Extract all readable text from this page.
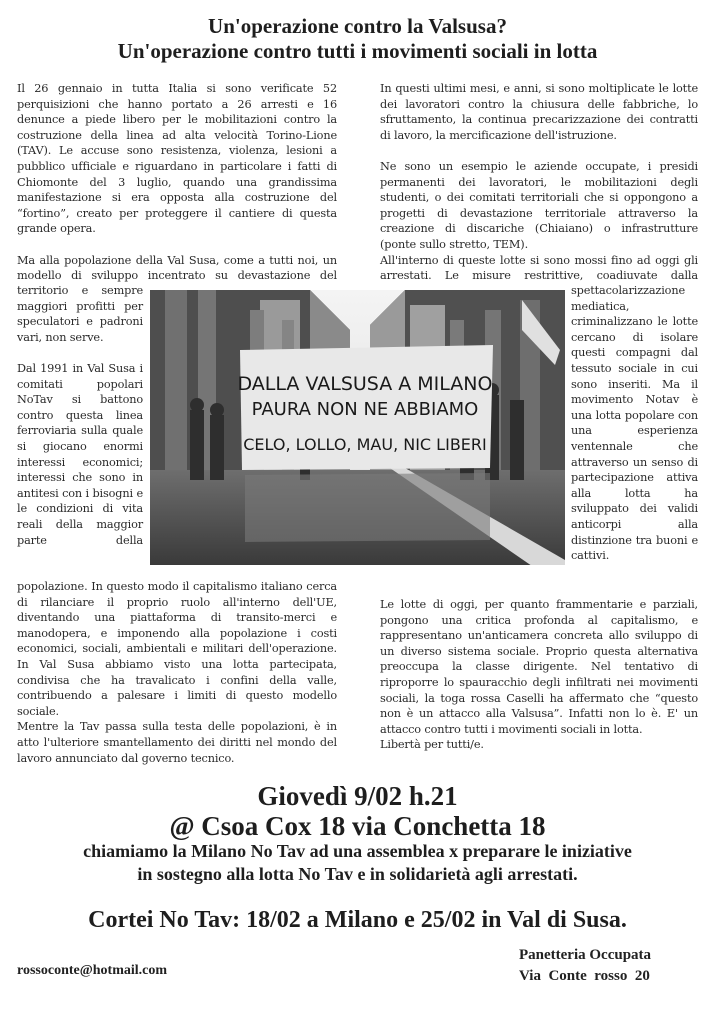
Un'operazione contro la Valsusa?
Un'operazione contro tutti i movimenti sociali in lotta

Il 26 gennaio in tutta Italia si sono verificate 52 perquisizioni che hanno portato a 26 arresti e 16 denunce a piede libero per le mobilitazioni contro la costruzione della linea ad alta velocità Torino-Lione (TAV). Le accuse sono resistenza, violenza, lesioni a pubblico ufficiale e riguardano in particolare i fatti di Chiomonte del 3 luglio, quando una grandissima manifestazione si era opposta alla costruzione del “fortino”, creato per proteggere il cantiere di questa grande opera.

Ma alla popolazione della Val Susa, come a tutti noi, un modello di sviluppo incentrato su devastazione del

territorio e sempre maggiori profitti per speculatori e padroni vari, non serve.

Dal 1991 in Val Susa i comitati popolari NoTav si battono contro questa linea ferroviaria sulla quale si giocano enormi interessi economici; interessi che sono in antitesi con i bisogni e le condizioni di vita reali della maggior parte della

popolazione. In questo modo il capitalismo italiano cerca di rilanciare il proprio ruolo all'interno dell'UE, diventando una piattaforma di transito-merci e manodopera, e imponendo alla popolazione i costi economici, sociali, ambientali e militari dell'operazione. In Val Susa abbiamo visto una lotta partecipata, condivisa che ha travalicato i confini della valle, contribuendo a palesare i limiti di questo modello sociale.

Mentre la Tav passa sulla testa delle popolazioni, è in atto l'ulteriore smantellamento dei diritti nel mondo del lavoro annunciato dal governo tecnico.

In questi ultimi mesi, e anni, si sono moltiplicate le lotte dei lavoratori contro la chiusura delle fabbriche, lo sfruttamento, la continua precarizzazione dei contratti di lavoro, la mercificazione dell'istruzione.

Ne sono un esempio le aziende occupate, i presidi permanenti dei lavoratori, le mobilitazioni degli studenti, o dei comitati territoriali che si oppongono a progetti di devastazione territoriale attraverso la creazione di discariche (Chiaiano) o infrastrutture (ponte sullo stretto, TEM).

All'interno di queste lotte si sono mossi fino ad oggi gli arrestati. Le misure restrittive, coadiuvate dalla

spettacolarizzazione mediatica, criminalizzano le lotte cercano di isolare questi compagni dal tessuto sociale in cui sono inseriti. Ma il movimento Notav è una lotta popolare con una esperienza ventennale che attraverso un senso di partecipazione attiva alla lotta ha sviluppato dei validi anticorpi alla distinzione tra buoni e cattivi.

Le lotte di oggi, per quanto frammentarie e parziali, pongono una critica profonda al capitalismo, e rappresentano un'anticamera concreta allo sviluppo di un diverso sistema sociale. Proprio questa alternativa preoccupa la classe dirigente. Nel tentativo di riproporre lo spauracchio degli infiltrati nei movimenti sociali, la toga rossa Caselli ha affermato che “questo non è un attacco alla Valsusa”. Infatti non lo è. E' un attacco contro tutti i movimenti sociali in lotta.

Libertà per tutti/e.

DALLA VALSUSA A MILANO
PAURA NON NE ABBIAMO
CELO, LOLLO, MAU, NIC LIBERI
Giovedì 9/02 h.21
@ Csoa Cox 18 via Conchetta 18
chiamiamo la Milano No Tav ad una assemblea x preparare le iniziative
in sostegno alla lotta No Tav e in solidarietà agli arrestati.
Cortei No Tav: 18/02 a Milano e 25/02 in Val di Susa.
rossoconte@hotmail.com
Panetteria Occupata
Via  Conte  rosso  20
